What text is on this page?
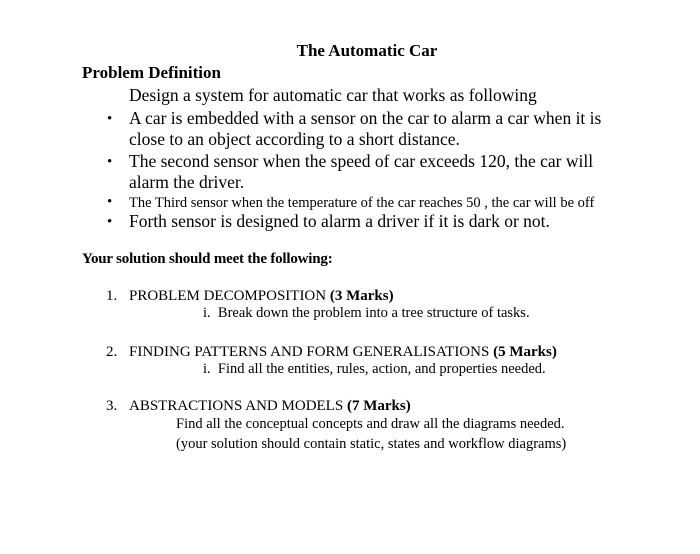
The Automatic Car
Problem Definition
Design a system for automatic car that works as following
• A car is embedded with a sensor on the car to alarm a car when it is
close to an object according to a short distance.
• The second sensor when the speed of car exceeds 120, the car will
alarm the driver.
• The Third sensor when the temperature of the car reaches 50 , the car will be off
• Forth sensor is designed to alarm a driver if it is dark or not.
Your solution should meet the following:
1. PROBLEM DECOMPOSITION (3 Marks)
i. Break down the problem into a tree structure of tasks.
2. FINDING PATTERNS AND FORM GENERALISATIONS (5 Marks)
i. Find all the entities, rules, action, and properties needed.
3. ABSTRACTIONS AND MODELS (7 Marks)
Find all the conceptual concepts and draw all the diagrams needed.
(your solution should contain static, states and workflow diagrams)
